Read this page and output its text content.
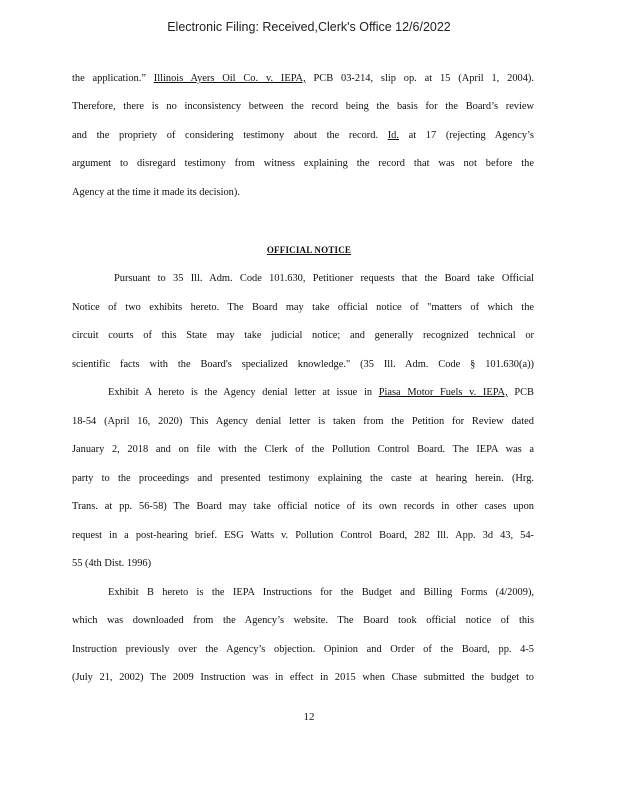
Electronic Filing: Received,Clerk's Office 12/6/2022
the application.” Illinois Ayers Oil Co. v. IEPA, PCB 03-214, slip op. at 15 (April 1, 2004).
Therefore, there is no inconsistency between the record being the basis for the Board’s review
and the propriety of considering testimony about the record. Id. at 17 (rejecting Agency’s
argument to disregard testimony from witness explaining the record that was not before the
Agency at the time it made its decision).
OFFICIAL NOTICE
Pursuant to 35 Ill. Adm. Code 101.630, Petitioner requests that the Board take Official
Notice of two exhibits hereto. The Board may take official notice of "matters of which the
circuit courts of this State may take judicial notice; and generally recognized technical or
scientific facts with the Board's specialized knowledge." (35 Ill. Adm. Code § 101.630(a))
Exhibit A hereto is the Agency denial letter at issue in Piasa Motor Fuels v. IEPA, PCB
18-54 (April 16, 2020) This Agency denial letter is taken from the Petition for Review dated
January 2, 2018 and on file with the Clerk of the Pollution Control Board. The IEPA was a
party to the proceedings and presented testimony explaining the caste at hearing herein. (Hrg.
Trans. at pp. 56-58) The Board may take official notice of its own records in other cases upon
request in a post-hearing brief. ESG Watts v. Pollution Control Board, 282 Ill. App. 3d 43, 54-
55 (4th Dist. 1996)
Exhibit B hereto is the IEPA Instructions for the Budget and Billing Forms (4/2009),
which was downloaded from the Agency’s website. The Board took official notice of this
Instruction previously over the Agency’s objection. Opinion and Order of the Board, pp. 4-5
(July 21, 2002) The 2009 Instruction was in effect in 2015 when Chase submitted the budget to
12
